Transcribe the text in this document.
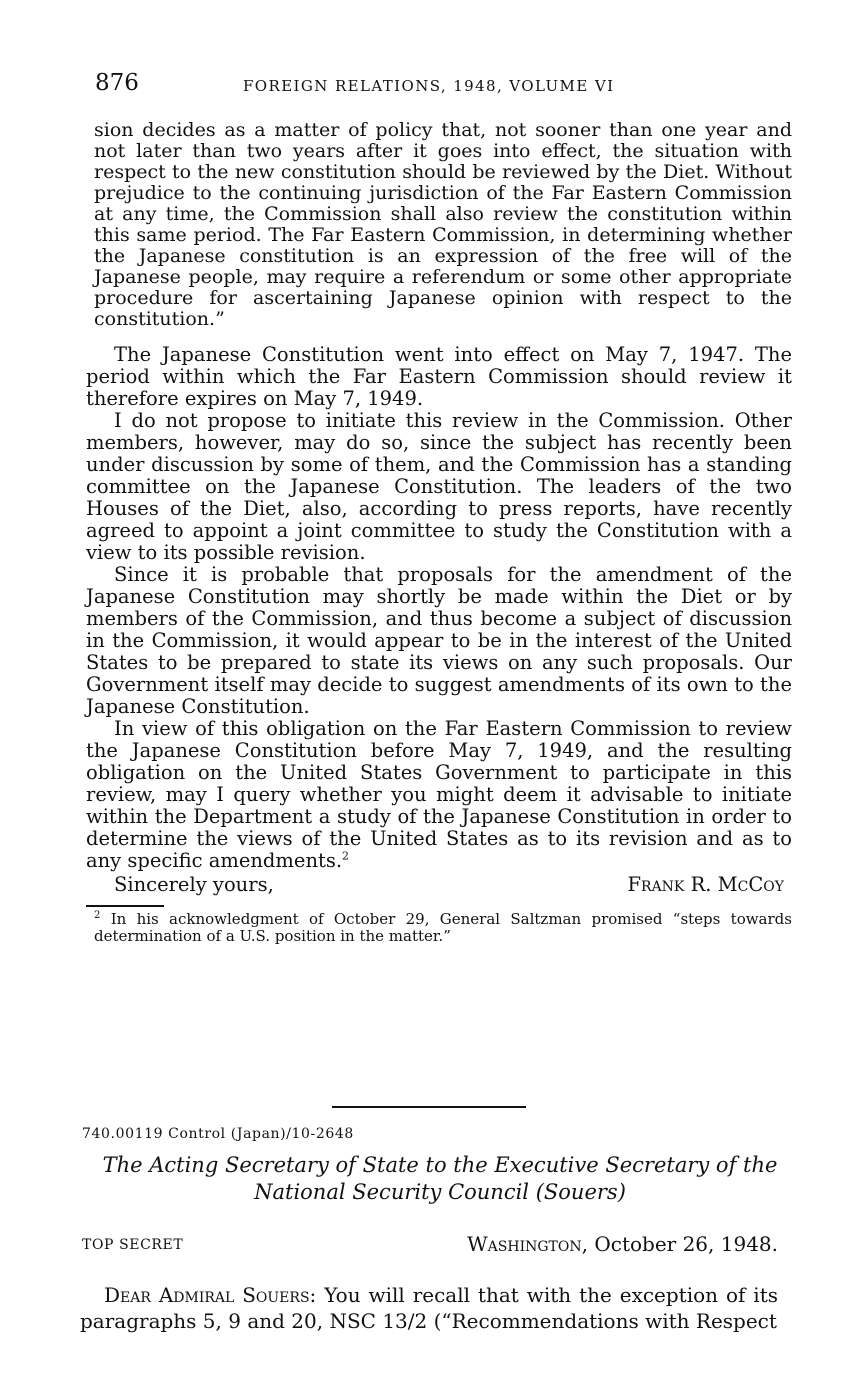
876	FOREIGN RELATIONS, 1948, VOLUME VI

sion decides as a matter of policy that, not sooner than one year and not later than two years after it goes into effect, the situation with respect to the new constitution should be reviewed by the Diet. Without prejudice to the continuing jurisdiction of the Far Eastern Commission at any time, the Commission shall also review the constitution within this same period. The Far Eastern Commission, in determining whether the Japanese constitution is an expression of the free will of the Japanese people, may require a referendum or some other appropriate procedure for ascertaining Japanese opinion with respect to the constitution.”

The Japanese Constitution went into effect on May 7, 1947. The period within which the Far Eastern Commission should review it therefore expires on May 7, 1949.

I do not propose to initiate this review in the Commission. Other members, however, may do so, since the subject has recently been under discussion by some of them, and the Commission has a standing committee on the Japanese Constitution. The leaders of the two Houses of the Diet, also, according to press reports, have recently agreed to appoint a joint committee to study the Constitution with a view to its possible revision.

Since it is probable that proposals for the amendment of the Japanese Constitution may shortly be made within the Diet or by members of the Commission, and thus become a subject of discussion in the Commission, it would appear to be in the interest of the United States to be prepared to state its views on any such proposals. Our Government itself may decide to suggest amendments of its own to the Japanese Constitution.

In view of this obligation on the Far Eastern Commission to review the Japanese Constitution before May 7, 1949, and the resulting obligation on the United States Government to participate in this review, may I query whether you might deem it advisable to initiate within the Department a study of the Japanese Constitution in order to determine the views of the United States as to its revision and as to any specific amendments.$^2$

Sincerely yours,	Frank R. McCoy

$^2$ In his acknowledgment of October 29, General Saltzman promised “steps towards determination of a U.S. position in the matter.”

740.00119 Control (Japan)/10-2648
The Acting Secretary of State to the Executive Secretary of the
National Security Council (Souers)
TOP SECRET	Washington, October 26, 1948.

Dear Admiral Souers: You will recall that with the exception of its paragraphs 5, 9 and 20, NSC 13/2 (“Recommendations with Respect
